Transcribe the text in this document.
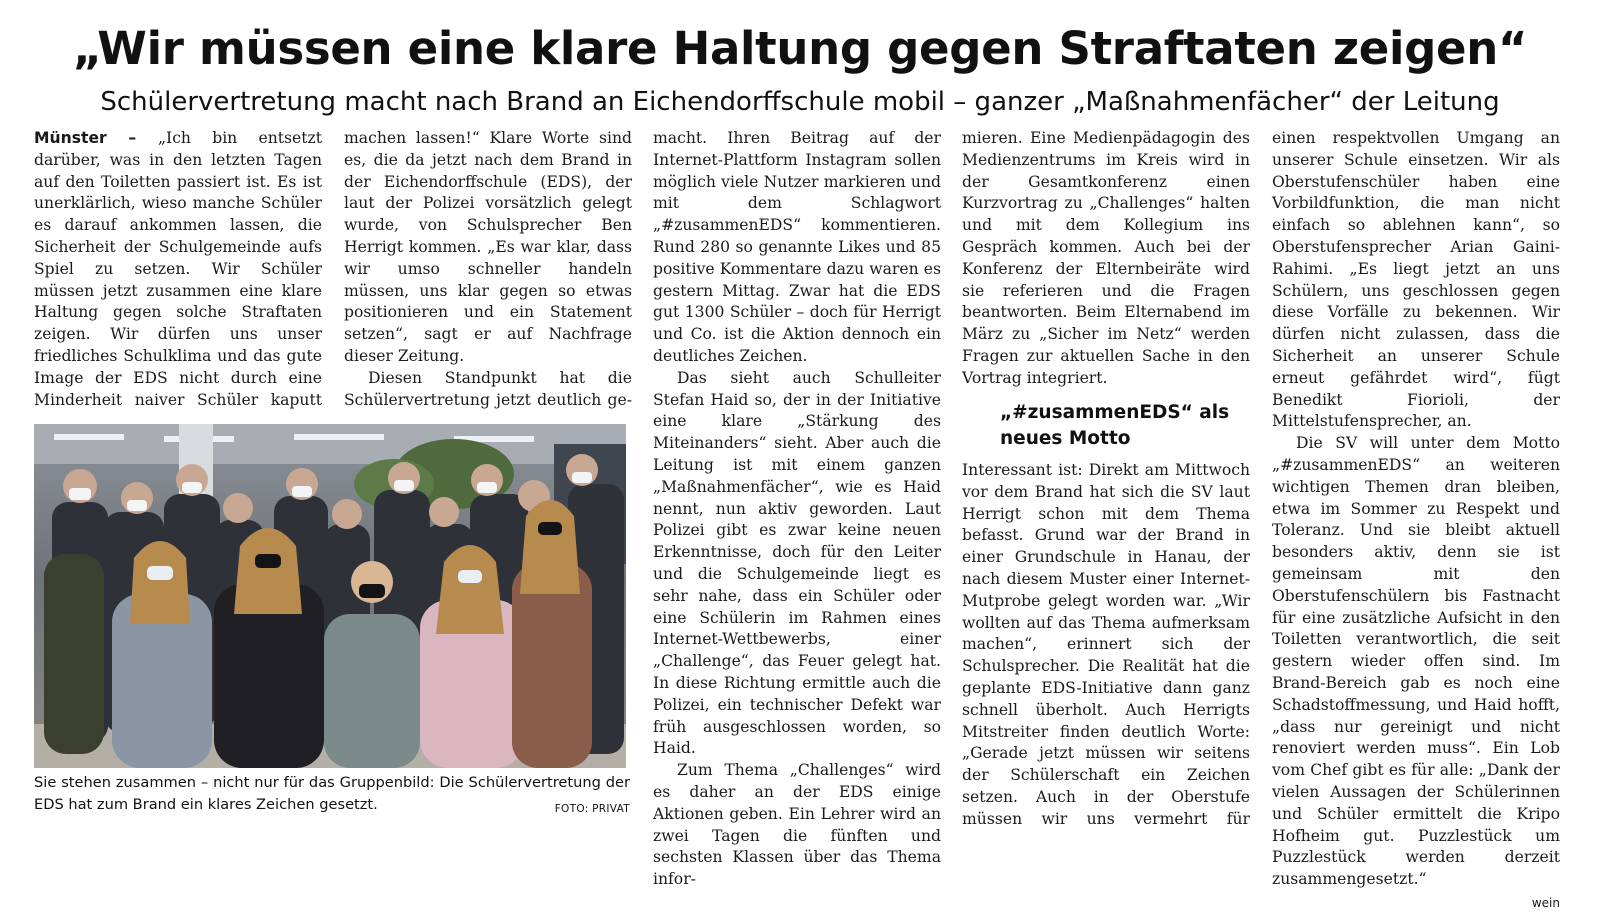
„Wir müssen eine klare Haltung gegen Straftaten zeigen“
Schülervertretung macht nach Brand an Eichendorffschule mobil – ganzer „Maßnahmenfächer“ der Leitung

Münster – „Ich bin entsetzt darüber, was in den letzten Tagen auf den Toiletten passiert ist. Es ist unerklärlich, wieso manche Schüler es darauf ankommen lassen, die Sicherheit der Schulgemeinde aufs Spiel zu setzen. Wir Schüler müssen jetzt zusammen eine klare Haltung gegen solche Straftaten zeigen. Wir dürfen uns unser friedliches Schulklima und das gute Image der EDS nicht durch eine Minderheit naiver Schüler kaputt

machen lassen!“ Klare Worte sind es, die da jetzt nach dem Brand in der Eichendorffschule (EDS), der laut der Polizei vorsätzlich gelegt wurde, von Schulsprecher Ben Herrigt kommen. „Es war klar, dass wir umso schneller handeln müssen, uns klar gegen so etwas positionieren und ein Statement setzen“, sagt er auf Nachfrage dieser Zeitung.

Diesen Standpunkt hat die Schülervertretung jetzt deutlich ge-

Sie stehen zusammen – nicht nur für das Gruppenbild: Die Schülervertretung der EDS hat zum Brand ein klares Zeichen gesetzt.	FOTO: PRIVAT

macht. Ihren Beitrag auf der Internet-Plattform Instagram sollen möglich viele Nutzer markieren und mit dem Schlagwort „#zusammenEDS“ kommentieren. Rund 280 so genannte Likes und 85 positive Kommentare dazu waren es gestern Mittag. Zwar hat die EDS gut 1300 Schüler – doch für Herrigt und Co. ist die Aktion dennoch ein deutliches Zeichen.

Das sieht auch Schulleiter Stefan Haid so, der in der Initiative eine klare „Stärkung des Miteinanders“ sieht. Aber auch die Leitung ist mit einem ganzen „Maßnahmenfächer“, wie es Haid nennt, nun aktiv geworden. Laut Polizei gibt es zwar keine neuen Erkenntnisse, doch für den Leiter und die Schulgemeinde liegt es sehr nahe, dass ein Schüler oder eine Schülerin im Rahmen eines Internet-Wettbewerbs, einer „Challenge“, das Feuer gelegt hat. In diese Richtung ermittle auch die Polizei, ein technischer Defekt war früh ausgeschlossen worden, so Haid.

Zum Thema „Challenges“ wird es daher an der EDS einige Aktionen geben. Ein Lehrer wird an zwei Tagen die fünften und sechsten Klassen über das Thema infor-

mieren. Eine Medienpädagogin des Medienzentrums im Kreis wird in der Gesamtkonferenz einen Kurzvortrag zu „Challenges“ halten und mit dem Kollegium ins Gespräch kommen. Auch bei der Konferenz der Elternbeiräte wird sie referieren und die Fragen beantworten. Beim Elternabend im März zu „Sicher im Netz“ werden Fragen zur aktuellen Sache in den Vortrag integriert.

„#zusammenEDS“ als neues Motto

Interessant ist: Direkt am Mittwoch vor dem Brand hat sich die SV laut Herrigt schon mit dem Thema befasst. Grund war der Brand in einer Grundschule in Hanau, der nach diesem Muster einer Internet-Mutprobe gelegt worden war. „Wir wollten auf das Thema aufmerksam machen“, erinnert sich der Schulsprecher. Die Realität hat die geplante EDS-Initiative dann ganz schnell überholt. Auch Herrigts Mitstreiter finden deutlich Worte: „Gerade jetzt müssen wir seitens der Schülerschaft ein Zeichen setzen. Auch in der Oberstufe müssen wir uns vermehrt für

einen respektvollen Umgang an unserer Schule einsetzen. Wir als Oberstufenschüler haben eine Vorbildfunktion, die man nicht einfach so ablehnen kann“, so Oberstufensprecher Arian Gaini-Rahimi. „Es liegt jetzt an uns Schülern, uns geschlossen gegen diese Vorfälle zu bekennen. Wir dürfen nicht zulassen, dass die Sicherheit an unserer Schule erneut gefährdet wird“, fügt Benedikt Fiorioli, der Mittelstufensprecher, an.

Die SV will unter dem Motto „#zusammenEDS“ an weiteren wichtigen Themen dran bleiben, etwa im Sommer zu Respekt und Toleranz. Und sie bleibt aktuell besonders aktiv, denn sie ist gemeinsam mit den Oberstufenschülern bis Fastnacht für eine zusätzliche Aufsicht in den Toiletten verantwortlich, die seit gestern wieder offen sind. Im Brand-Bereich gab es noch eine Schadstoffmessung, und Haid hofft, „dass nur gereinigt und nicht renoviert werden muss“. Ein Lob vom Chef gibt es für alle: „Dank der vielen Aussagen der Schülerinnen und Schüler ermittelt die Kripo Hofheim gut. Puzzlestück um Puzzlestück werden derzeit zusammengesetzt.“

wein
